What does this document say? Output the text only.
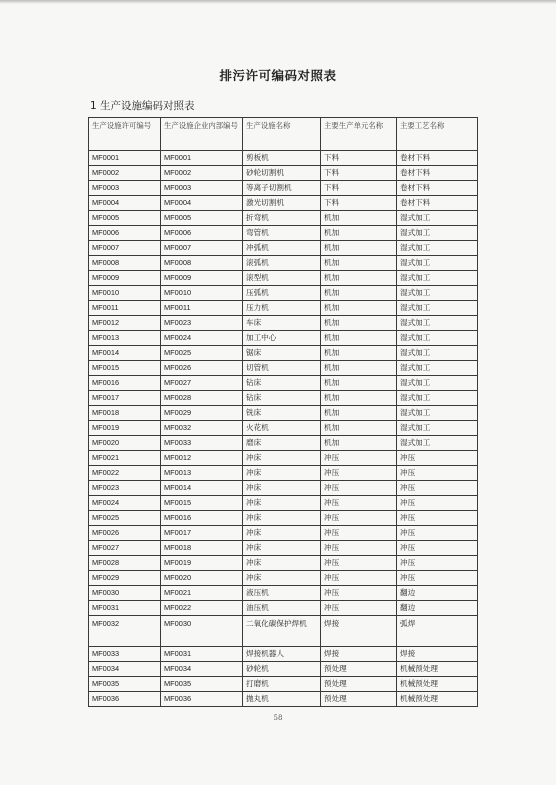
排污许可编码对照表
1 生产设施编码对照表
生产设施许可编号	生产设施企业内部编号	生产设施名称	主要生产单元名称	主要工艺名称
MF0001	MF0001	剪板机	下料	卷材下料
MF0002	MF0002	砂轮切割机	下料	卷材下料
MF0003	MF0003	等离子切割机	下料	卷材下料
MF0004	MF0004	激光切割机	下料	卷材下料
MF0005	MF0005	折弯机	机加	湿式加工
MF0006	MF0006	弯管机	机加	湿式加工
MF0007	MF0007	冲弧机	机加	湿式加工
MF0008	MF0008	滚弧机	机加	湿式加工
MF0009	MF0009	滚型机	机加	湿式加工
MF0010	MF0010	压弧机	机加	湿式加工
MF0011	MF0011	压力机	机加	湿式加工
MF0012	MF0023	车床	机加	湿式加工
MF0013	MF0024	加工中心	机加	湿式加工
MF0014	MF0025	锯床	机加	湿式加工
MF0015	MF0026	切管机	机加	湿式加工
MF0016	MF0027	钻床	机加	湿式加工
MF0017	MF0028	钻床	机加	湿式加工
MF0018	MF0029	铣床	机加	湿式加工
MF0019	MF0032	火花机	机加	湿式加工
MF0020	MF0033	磨床	机加	湿式加工
MF0021	MF0012	冲床	冲压	冲压
MF0022	MF0013	冲床	冲压	冲压
MF0023	MF0014	冲床	冲压	冲压
MF0024	MF0015	冲床	冲压	冲压
MF0025	MF0016	冲床	冲压	冲压
MF0026	MF0017	冲床	冲压	冲压
MF0027	MF0018	冲床	冲压	冲压
MF0028	MF0019	冲床	冲压	冲压
MF0029	MF0020	冲床	冲压	冲压
MF0030	MF0021	液压机	冲压	翻边
MF0031	MF0022	油压机	冲压	翻边
MF0032	MF0030	二氧化碳保护焊机	焊接	弧焊
MF0033	MF0031	焊接机器人	焊接	焊接
MF0034	MF0034	砂轮机	预处理	机械预处理
MF0035	MF0035	打磨机	预处理	机械预处理
MF0036	MF0036	抛丸机	预处理	机械预处理
58
